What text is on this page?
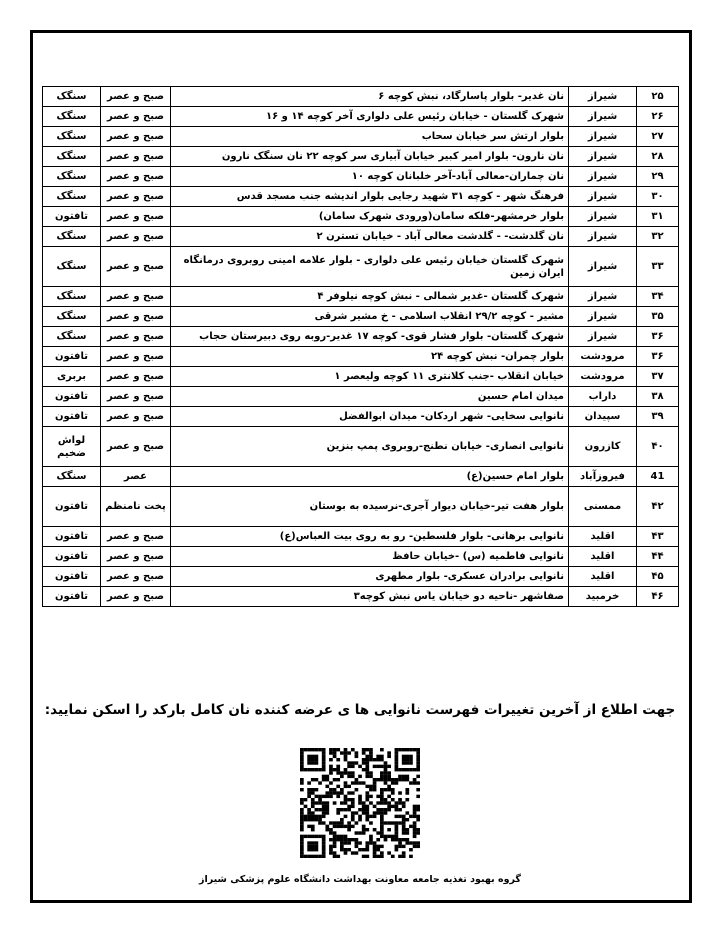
۲۵	شیراز	نان غدیر- بلوار پاسارگاد، نبش کوچه ۶	صبح و عصر	سنگک
۲۶	شیراز	شهرک گلستان - خیابان رئیس علی دلواری آخر کوچه ۱۴ و ۱۶	صبح و عصر	سنگک
۲۷	شیراز	بلوار ارتش سر خیابان سحاب	صبح و عصر	سنگک
۲۸	شیراز	نان نارون- بلوار امیر کبیر خیابان آبیاری سر کوچه ۲۲ نان سنگک نارون	صبح و عصر	سنگک
۲۹	شیراز	نان چماران-معالی آباد-آخر خلبانان کوچه ۱۰	صبح و عصر	سنگک
۳۰	شیراز	فرهنگ شهر - کوچه ۳۱ شهید رجایی بلوار اندیشه جنب مسجد قدس	صبح و عصر	سنگک
۳۱	شیراز	بلوار خرمشهر-فلکه سامان(ورودی شهرک سامان)	صبح و عصر	تافتون
۳۲	شیراز	نان گلدشت- - گلدشت معالی آباد - خیابان تسترن ۲	صبح و عصر	سنگک
۳۳	شیراز	شهرک گلستان خیابان رئیس علی دلواری - بلوار علامه امینی روبروی درمانگاه ایران زمین	صبح و عصر	سنگک
۳۴	شیراز	شهرک گلستان -غدیر شمالی - نبش کوچه نیلوفر ۴	صبح و عصر	سنگک
۳۵	شیراز	مشیر - کوچه ۲۹/۲ انقلاب اسلامی - خ مشیر شرقی	صبح و عصر	سنگک
۳۶	شیراز	شهرک گلستان- بلوار فشار قوی- کوچه ۱۷ غدیر-روبه روی دبیرستان حجاب	صبح و عصر	سنگک
۳۶	مرودشت	بلوار چمران- نبش کوچه ۲۴	صبح و عصر	تافتون
۳۷	مرودشت	خیابان انقلاب -جنب کلانتری ۱۱ کوچه ولیعصر ۱	صبح و عصر	بربری
۳۸	داراب	میدان امام حسین	صبح و عصر	تافتون
۳۹	سپیدان	نانوایی سخایی- شهر اردکان- میدان ابوالفضل	صبح و عصر	تافتون
۴۰	کازرون	نانوایی انصاری- خیابان نطنج-روبروی پمپ بنزین	صبح و عصر	لواش ضخیم
41	فیروزآباد	بلوار امام حسین(ع)	عصر	سنگک
۴۲	ممسنی	بلوار هفت تیر-خیابان دیوار آجری-نرسیده به بوستان	پخت نامنظم	تافتون
۴۳	اقلید	نانوایی برهانی- بلوار فلسطین- رو به روی بیت العباس(ع)	صبح و عصر	تافتون
۴۴	اقلید	نانوایی فاطمیه (س) -خیابان حافظ	صبح و عصر	تافتون
۴۵	اقلید	نانوایی برادران عسکری- بلوار مطهری	صبح و عصر	تافتون
۴۶	خرمبید	صفاشهر -ناحیه دو خیابان یاس نبش کوچه۳	صبح و عصر	تافتون
جهت اطلاع از آخرین تغییرات فهرست نانوایی ها ی عرضه کننده نان کامل بارکد را اسکن نمایید:
گروه بهبود تغذیه جامعه معاونت بهداشت دانشگاه علوم پزشکی شیراز
